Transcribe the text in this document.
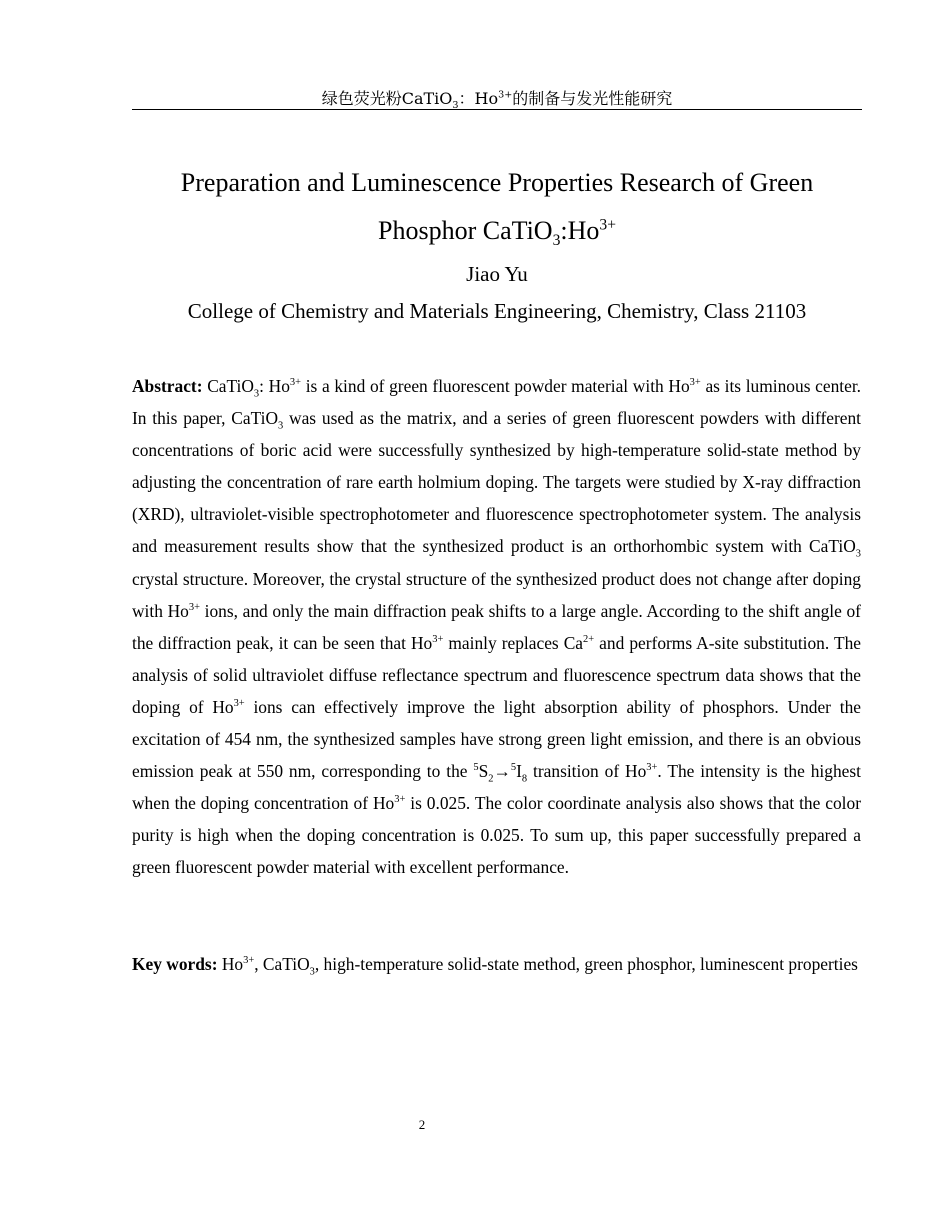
绿色荧光粉CaTiO$_3$：$Ho^{3+}$的制备与发光性能研究
Preparation and Luminescence Properties Research of Green
Phosphor $CaTiO_3:Ho^{3+}$
Jiao Yu
College of Chemistry and Materials Engineering, Chemistry, Class 21103
Abstract: CaTiO$_3$: $Ho^{3+}$ is a kind of green fluorescent powder material with $Ho^{3+}$ as its luminous center. In this paper, CaTiO$_3$ was used as the matrix, and a series of green fluorescent powders with different concentrations of boric acid were successfully synthesized by high-temperature solid-state method by adjusting the concentration of rare earth holmium doping. The targets were studied by X-ray diffraction (XRD), ultraviolet-visible spectrophotometer and fluorescence spectrophotometer system. The analysis and measurement results show that the synthesized product is an orthorhombic system with CaTiO$_3$ crystal structure. Moreover, the crystal structure of the synthesized product does not change after doping with $Ho^{3+}$ ions, and only the main diffraction peak shifts to a large angle. According to the shift angle of the diffraction peak, it can be seen that $Ho^{3+}$ mainly replaces $Ca^{2+}$ and performs A-site substitution. The analysis of solid ultraviolet diffuse reflectance spectrum and fluorescence spectrum data shows that the doping of $Ho^{3+}$ ions can effectively improve the light absorption ability of phosphors. Under the excitation of 454 nm, the synthesized samples have strong green light emission, and there is an obvious emission peak at 550 nm, corresponding to the $^5S_2\to^5I_8$ transition of $Ho^{3+}$. The intensity is the highest when the doping concentration of $Ho^{3+}$ is 0.025. The color coordinate analysis also shows that the color purity is high when the doping concentration is 0.025. To sum up, this paper successfully prepared a green fluorescent powder material with excellent performance.
Key words: $Ho^{3+}$, CaTiO$_3$, high-temperature solid-state method, green phosphor, luminescent properties
2
